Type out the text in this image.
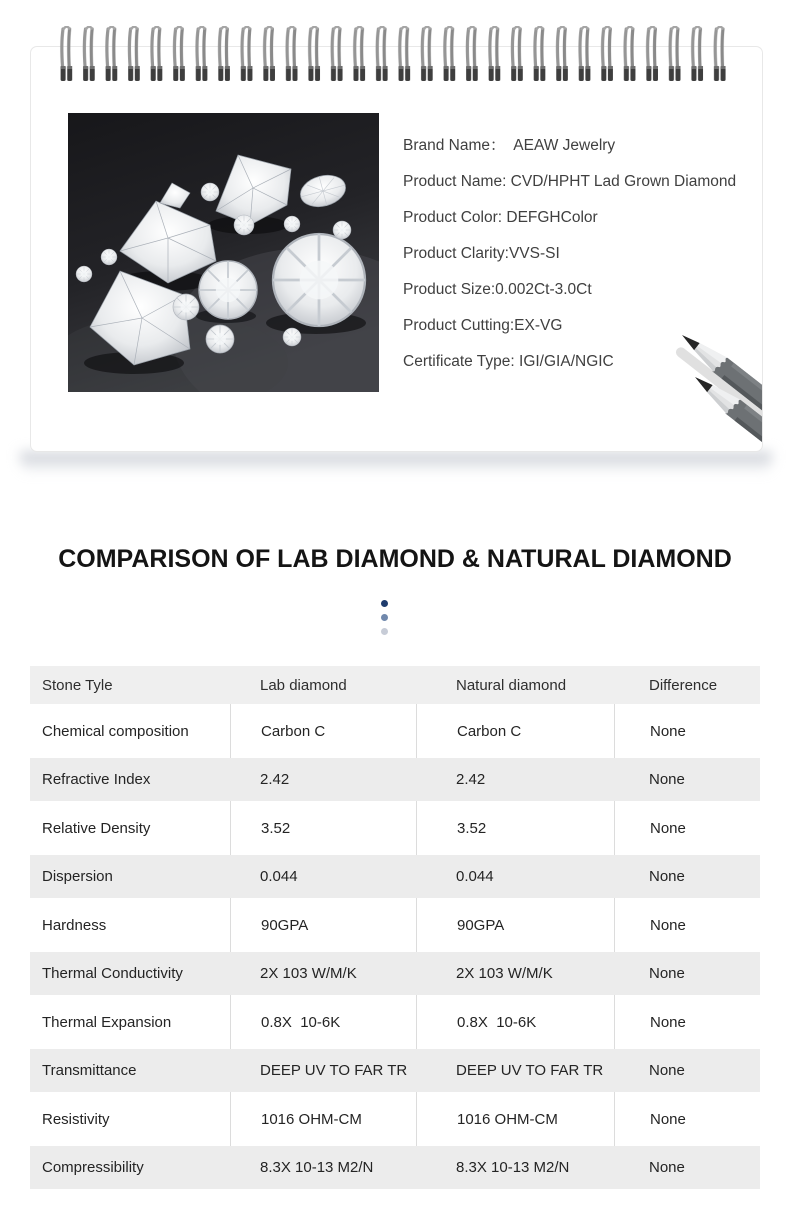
Brand Name：  AEAW Jewelry
Product Name: CVD/HPHT Lad Grown Diamond
Product Color: DEFGHColor
Product Clarity:VVS-SI
Product Size:0.002Ct-3.0Ct
Product Cutting:EX-VG
Certificate Type: IGI/GIA/NGIC
COMPARISON OF LAB DIAMOND & NATURAL DIAMOND
Stone Tyle	Lab diamond	Natural diamond	Difference
Chemical composition	Carbon C	Carbon C	None
Refractive Index	2.42	2.42	None
Relative Density	3.52	3.52	None
Dispersion	0.044	0.044	None
Hardness	90GPA	90GPA	None
Thermal Conductivity	2X 103 W/M/K	2X 103 W/M/K	None
Thermal Expansion	0.8X  10-6K	0.8X  10-6K	None
Transmittance	DEEP UV TO FAR TR	DEEP UV TO FAR TR	None
Resistivity	1016 OHM-CM	1016 OHM-CM	None
Compressibility	8.3X 10-13 M2/N	8.3X 10-13 M2/N	None
